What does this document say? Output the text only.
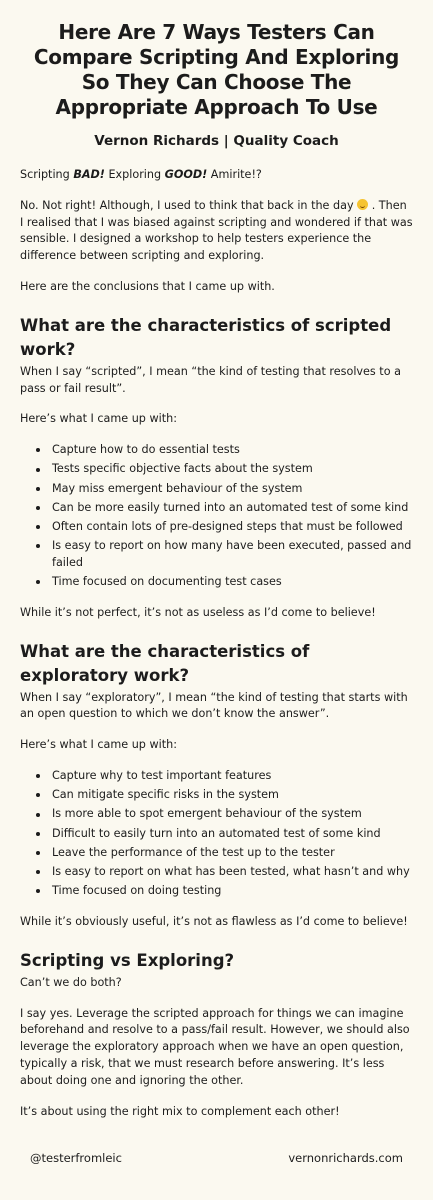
Here Are 7 Ways Testers Can Compare Scripting And Exploring So They Can Choose The Appropriate Approach To Use
Vernon Richards | Quality Coach

Scripting BAD! Exploring GOOD! Amirite!?

No. Not right! Although, I used to think that back in the day  . Then I realised that I was biased against scripting and wondered if that was sensible. I designed a workshop to help testers experience the difference between scripting and exploring.

Here are the conclusions that I came up with.

What are the characteristics of scripted work?

When I say “scripted”, I mean “the kind of testing that resolves to a pass or fail result”.

Here’s what I came up with:

Capture how to do essential tests
Tests specific objective facts about the system
May miss emergent behaviour of the system
Can be more easily turned into an automated test of some kind
Often contain lots of pre-designed steps that must be followed
Is easy to report on how many have been executed, passed and failed
Time focused on documenting test cases

While it’s not perfect, it’s not as useless as I’d come to believe!

What are the characteristics of exploratory work?

When I say “exploratory”, I mean “the kind of testing that starts with an open question to which we don’t know the answer”.

Here’s what I came up with:

Capture why to test important features
Can mitigate specific risks in the system
Is more able to spot emergent behaviour of the system
Difficult to easily turn into an automated test of some kind
Leave the performance of the test up to the tester
Is easy to report on what has been tested, what hasn’t and why
Time focused on doing testing

While it’s obviously useful, it’s not as flawless as I’d come to believe!

Scripting vs Exploring?

Can’t we do both?

I say yes. Leverage the scripted approach for things we can imagine beforehand and resolve to a pass/fail result. However, we should also leverage the exploratory approach when we have an open question, typically a risk, that we must research before answering. It’s less about doing one and ignoring the other.

It’s about using the right mix to complement each other!

@testerfromleic	vernonrichards.com
